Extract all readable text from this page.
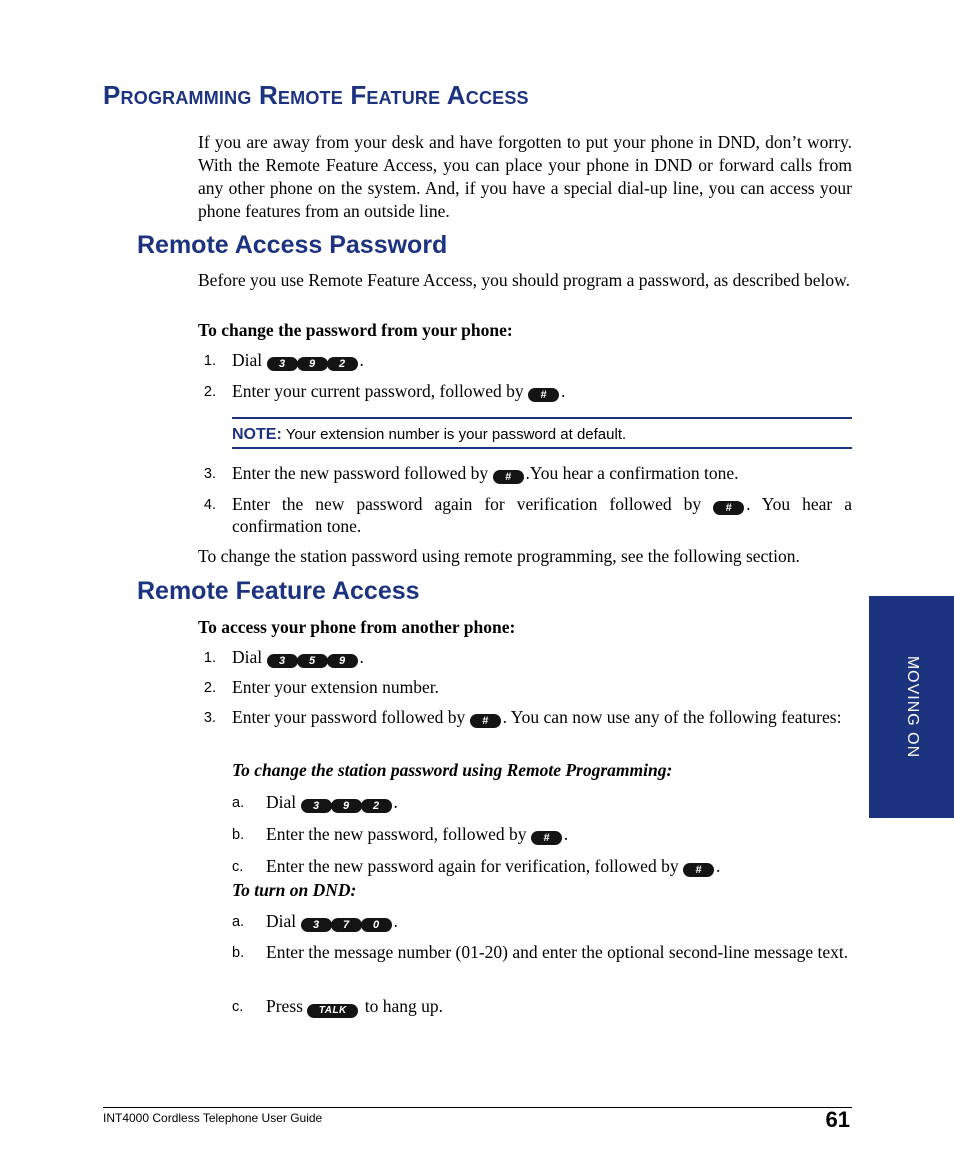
Programming Remote Feature Access

If you are away from your desk and have forgotten to put your phone in DND, don’t worry. With the Remote Feature Access, you can place your phone in DND or forward calls from any other phone on the system. And, if you have a special dial-up line, you can access your phone features from an outside line.

Remote Access Password

Before you use Remote Feature Access, you should program a password, as described below.

To change the password from your phone:

1. Dial	3	9	2 .
2. Enter your current password, followed by	# .
NOTE: Your extension number is your password at default.
3. Enter the new password followed by	# .You hear a confirmation tone.
4. Enter the new password again for verification followed by	# . You hear a confirmation tone.

To change the station password using remote programming, see the following section.

Remote Feature Access

To access your phone from another phone:

1. Dial	3	5	9 .
2. Enter your extension number.
3. Enter your password followed by	# . You can now use any of the following features:

To change the station password using Remote Programming:

a. Dial	3	9	2 .
b. Enter the new password, followed by	# .
c. Enter the new password again for verification, followed by	# .

To turn on DND:

a. Dial	3	7	0 .
b. Enter the message number (01-20) and enter the optional second-line message text.
c. Press	TALK to hang up.
MOVING ON
INT4000 Cordless Telephone User Guide	61
